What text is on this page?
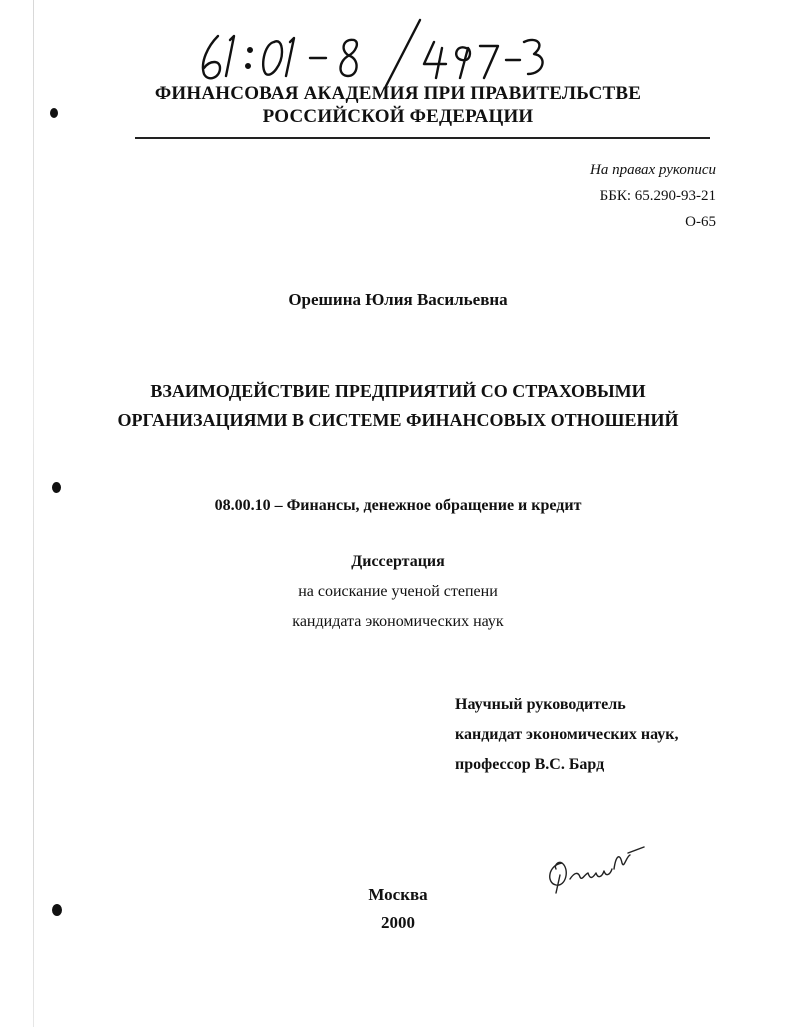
ФИНАНСОВАЯ АКАДЕМИЯ ПРИ ПРАВИТЕЛЬСТВЕ
РОССИЙСКОЙ ФЕДЕРАЦИИ
На правах рукописи
ББК: 65.290-93-21
О-65
Орешина Юлия Васильевна
ВЗАИМОДЕЙСТВИЕ ПРЕДПРИЯТИЙ СО СТРАХОВЫМИ
ОРГАНИЗАЦИЯМИ В СИСТЕМЕ ФИНАНСОВЫХ ОТНОШЕНИЙ
08.00.10 – Финансы, денежное обращение и кредит
Диссертация
на соискание ученой степени
кандидата экономических наук
Научный руководитель
кандидат экономических наук,
профессор В.С. Бард
Москва
2000
